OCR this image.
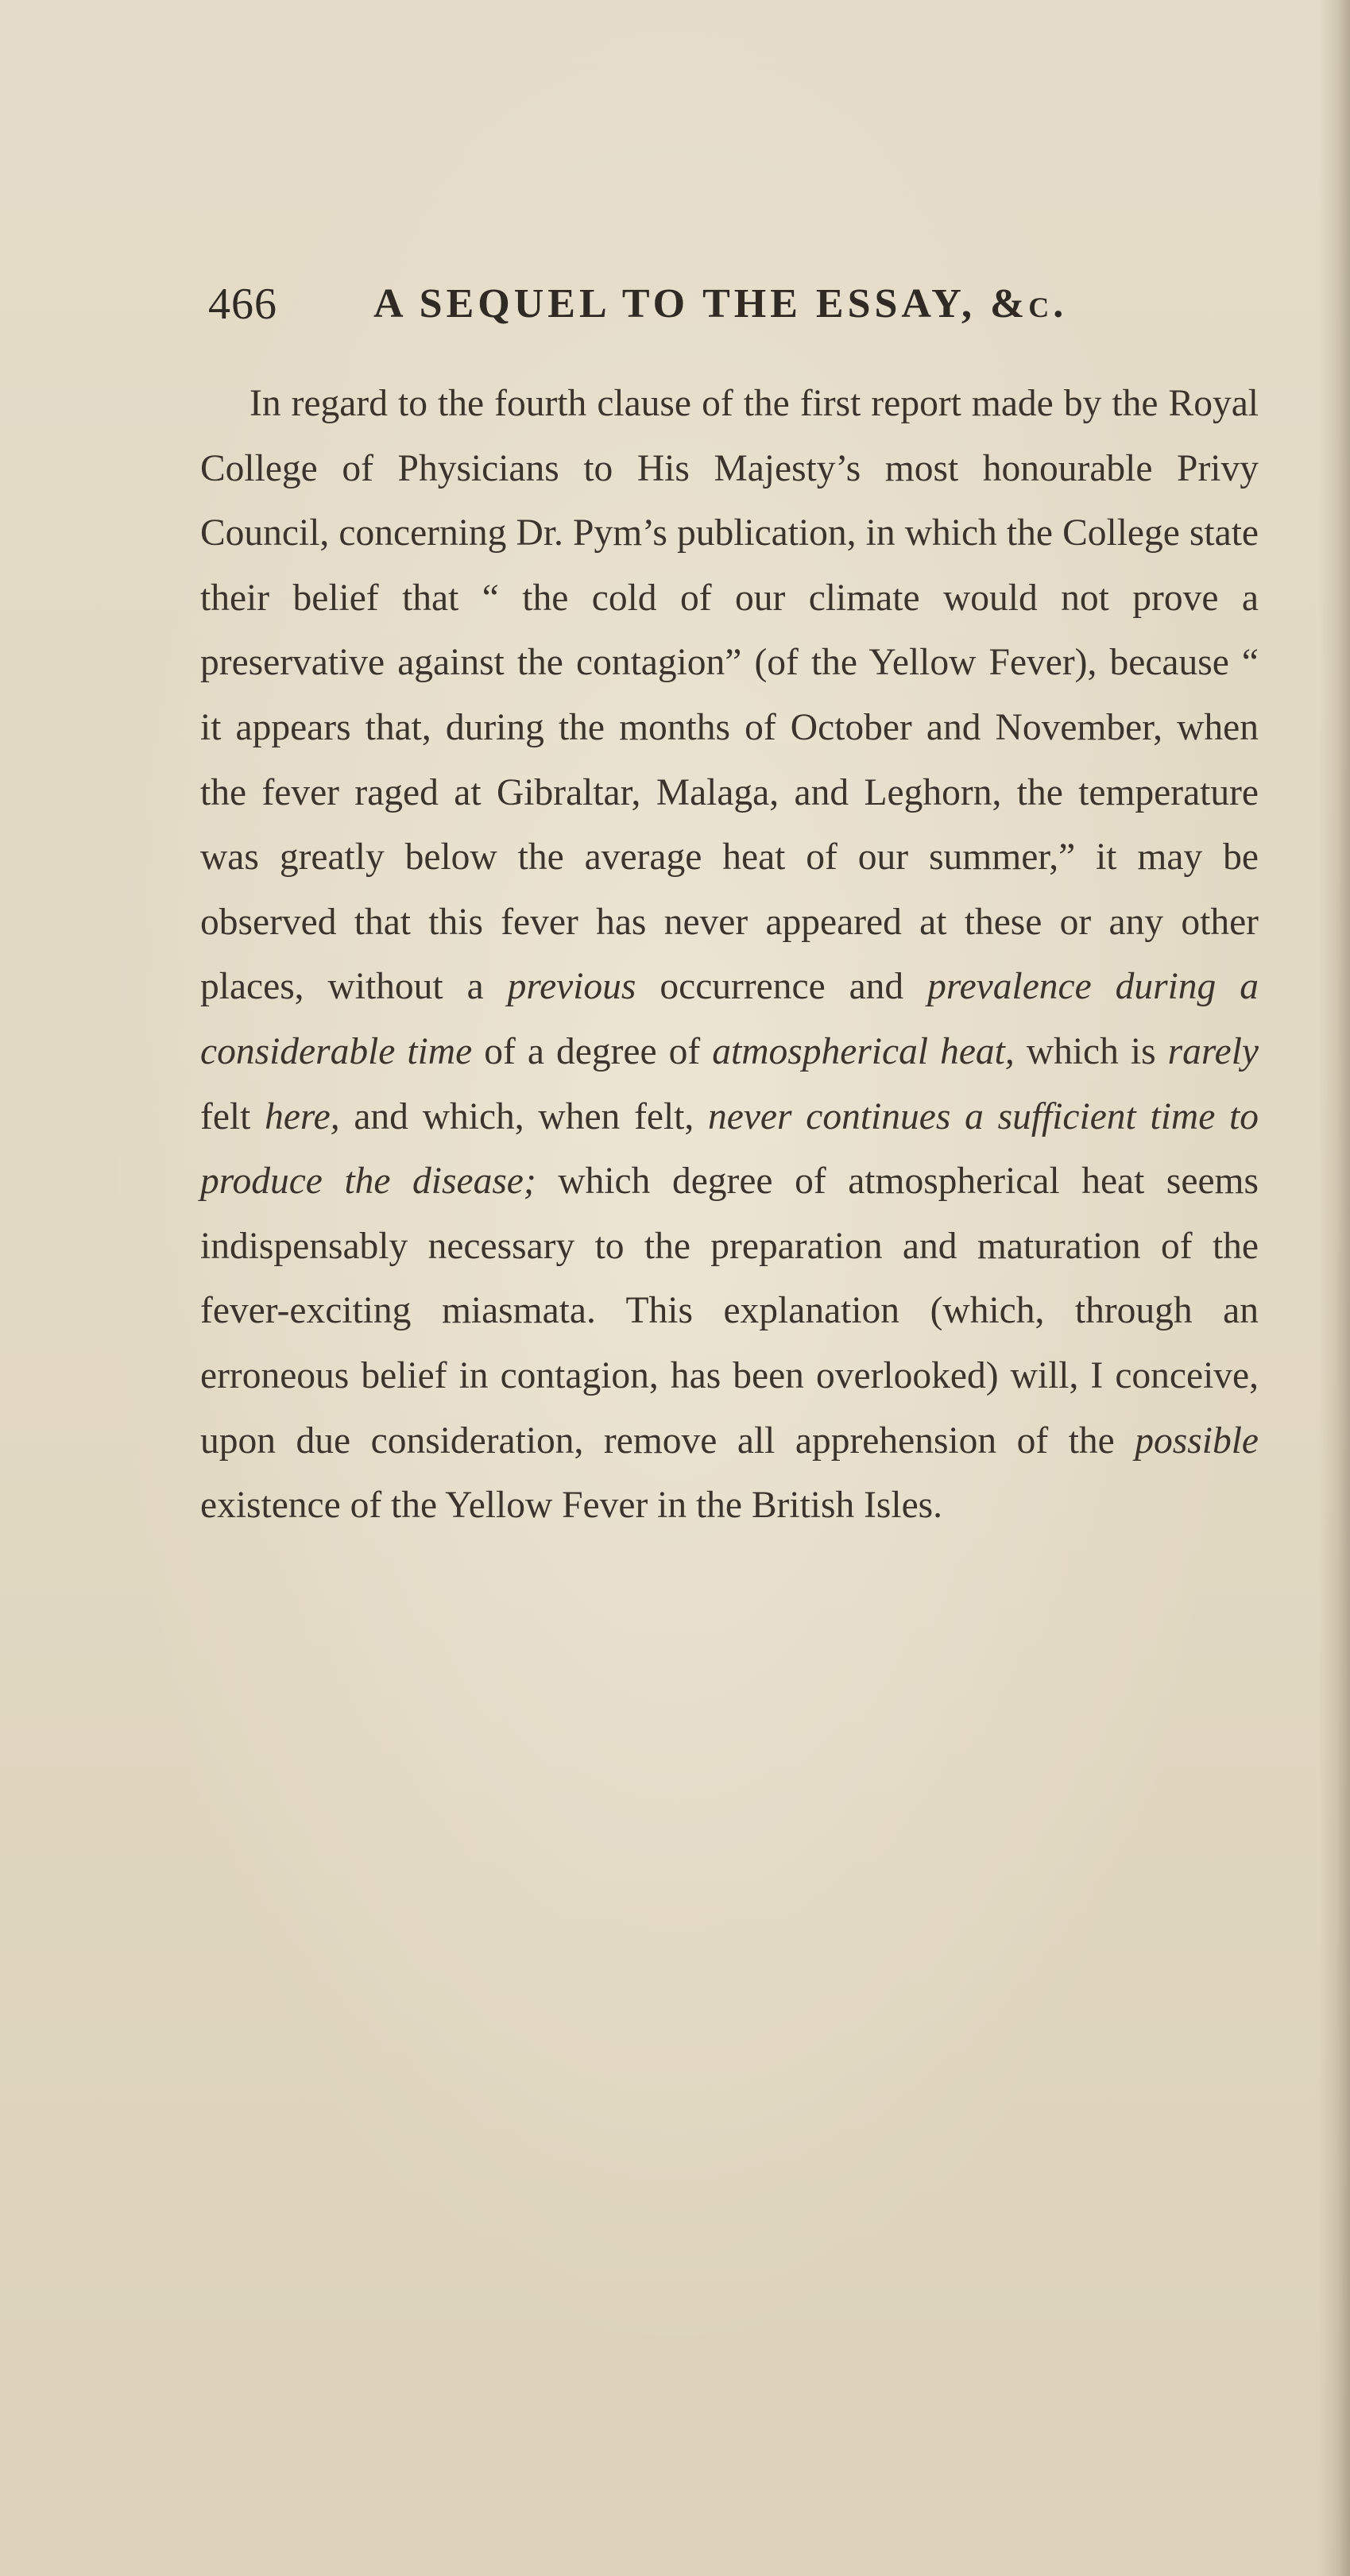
466 A SEQUEL TO THE ESSAY, &c.

In regard to the fourth clause of the first report made by the Royal College of Physicians to His Majesty’s most honourable Privy Council, concerning Dr. Pym’s publication, in which the College state their belief that “ the cold of our climate would not prove a preservative against the contagion” (of the Yellow Fever), because “ it appears that, during the months of October and November, when the fever raged at Gibraltar, Malaga, and Leghorn, the temperature was greatly below the average heat of our summer,” it may be observed that this fever has never appeared at these or any other places, without a previous occurrence and prevalence during a considerable time of a degree of atmospherical heat, which is rarely felt here, and which, when felt, never continues a sufficient time to produce the disease; which degree of atmospherical heat seems indispensably necessary to the preparation and maturation of the fever-exciting miasmata. This explanation (which, through an erroneous belief in contagion, has been overlooked) will, I conceive, upon due consideration, remove all apprehension of the possible existence of the Yellow Fever in the British Isles.
